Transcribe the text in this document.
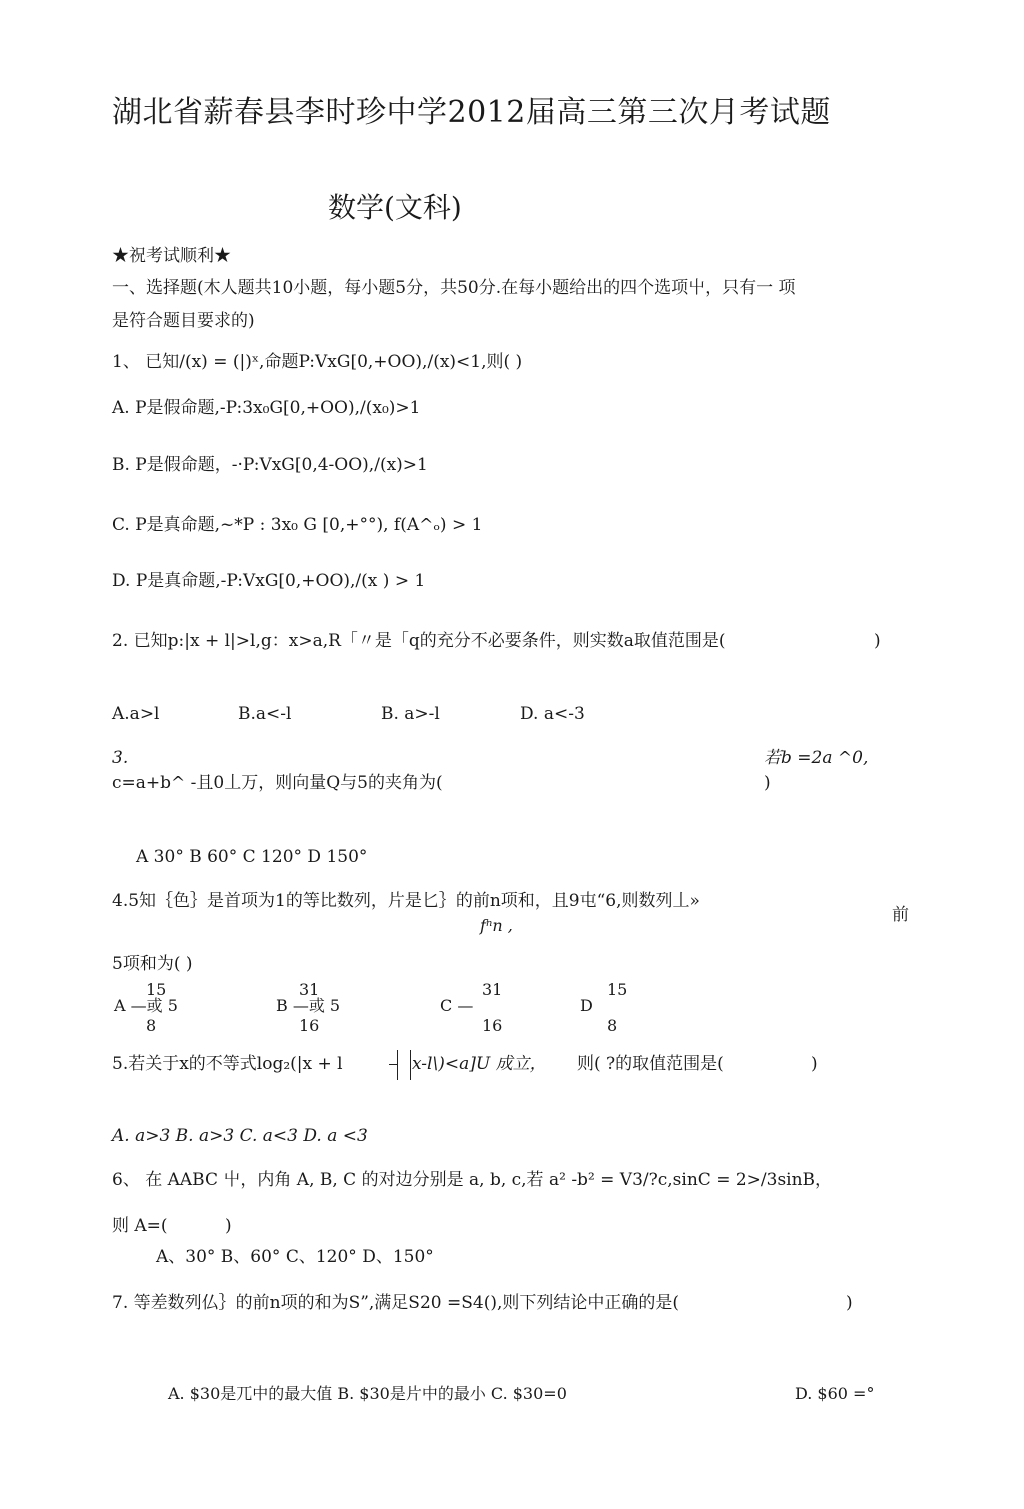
湖北省薪春县李时珍中学2012届高三第三次月考试题
数学(文科)
★祝考试顺利★
一、选择题(木人题共10小题，每小题5分，共50分.在每小题给出的四个选项屮，只有一 项
是符合题目要求的)
1、 已知/(x) = (|)ˣ,命题P:VxG[0,+OO),/(x)<1,则( )
A. P是假命题,-P:3x₀G[0,+OO),/(x₀)>1
B. P是假命题，-·P:VxG[0,4-OO),/(x)>1
C. P是真命题,~*P : 3x₀ G [0,+°°), f(A^ₒ) > 1
D. P是真命题,-P:VxG[0,+OO),/(x ) > 1
2. 已知p:|x + l|>l,g：x>a,R「〃是「q的充分不必要条件，则实数a取值范围是(	)
A.a>l	B.a<-l	B. a>-l	D. a<-3
3.	若b =2a ^0,
c=a+b^ -且0丄万，则向量Q与5的夹角为(	)
A 30° B 60° C 120° D 150°
4.5知｛色｝是首项为1的等比数列，片是匕｝的前n项和，且9屯“6,则数列丄»
fⁿn ,
前
5项和为( )
15
A —或 5
8
31
B —或 5
16
31
C —
16
15
D
8
5.若关于x的不等式log₂(|x + l	x-l\)<a]U 成立， 则( ?的取值范围是(	)
A. a>3 B. a>3 C. a<3 D. a <3
6、 在 AABC 屮，内角 A, B, C 的对边分别是 a, b, c,若 a² -b² = V3/?c,sinC = 2>/3sinB，
则 A=(	)
A、30° B、60° C、120° D、150°
7. 等差数列仏｝的前n项的和为S”,满足S20 =S4(),则下列结论中正确的是(	)
A. $30是兀中的最大值 B. $30是片中的最小 C. $30=0	D. $60 =°
